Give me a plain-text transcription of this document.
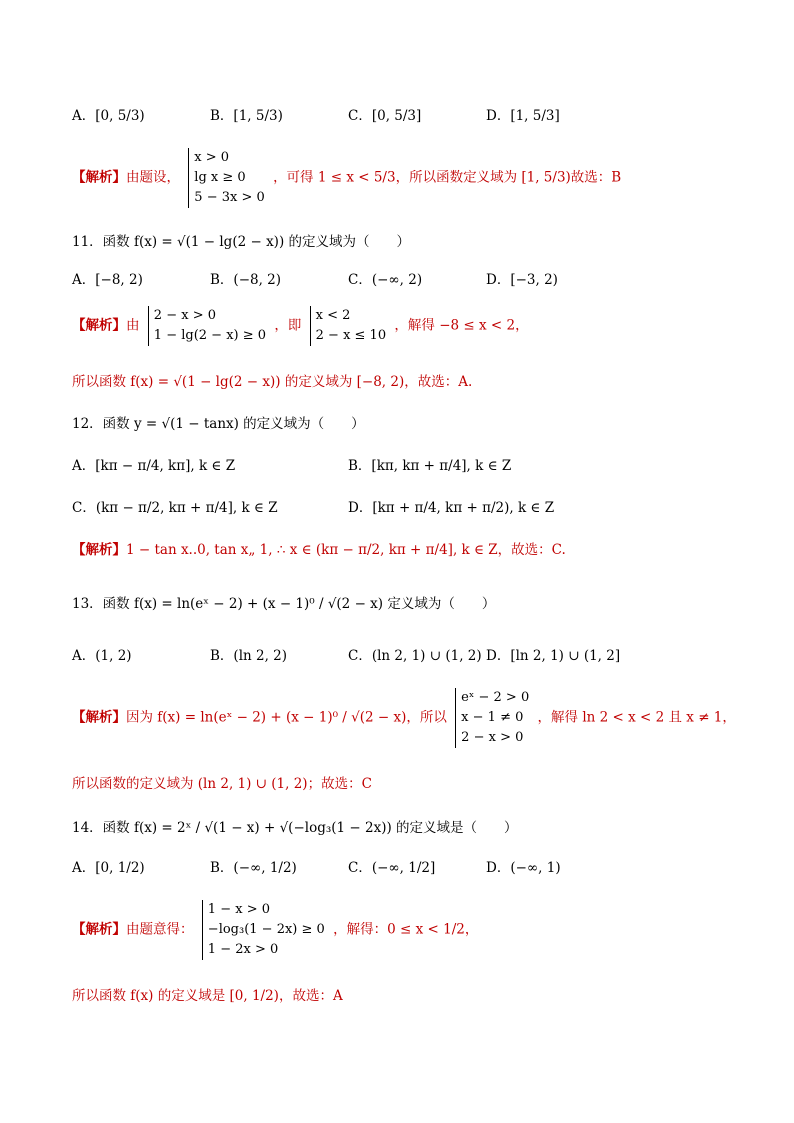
A．[0, 5/3)	B．[1, 5/3)	C．[0, 5/3]	D．[1, 5/3]
【解析】由题设，
x > 0
lg x ≥ 0
5 − 3x > 0
，可得 1 ≤ x < 5/3，所以函数定义域为 [1, 5/3)故选：B
11．函数 f(x) = √(1 − lg(2 − x)) 的定义域为（　　）
A．[−8, 2)	B．(−8, 2)	C．(−∞, 2)	D．[−3, 2)
【解析】由
2 − x > 0
1 − lg(2 − x) ≥ 0
，即
x < 2
2 − x ≤ 10
，解得 −8 ≤ x < 2，
所以函数 f(x) = √(1 − lg(2 − x)) 的定义域为 [−8, 2)，故选：A.
12．函数 y = √(1 − tanx) 的定义域为（　　）
A．[kπ − π/4, kπ], k ∈ Z	B．[kπ, kπ + π/4], k ∈ Z
C．(kπ − π/2, kπ + π/4], k ∈ Z	D．[kπ + π/4, kπ + π/2), k ∈ Z
【解析】1 − tan x..0, tan x„ 1, ∴ x ∈ (kπ − π/2, kπ + π/4], k ∈ Z，故选：C.
13．函数 f(x) = ln(eˣ − 2) + (x − 1)⁰ / √(2 − x) 定义域为（　　）
A．(1, 2)	B．(ln 2, 2)	C．(ln 2, 1) ∪ (1, 2) D．[ln 2, 1) ∪ (1, 2]
【解析】因为 f(x) = ln(eˣ − 2) + (x − 1)⁰ / √(2 − x)，所以
eˣ − 2 > 0
x − 1 ≠ 0
2 − x > 0
，解得 ln 2 < x < 2 且 x ≠ 1，
所以函数的定义域为 (ln 2, 1) ∪ (1, 2)；故选：C
14．函数 f(x) = 2ˣ / √(1 − x) + √(−log₃(1 − 2x)) 的定义域是（　　）
A．[0, 1/2)	B．(−∞, 1/2)	C．(−∞, 1/2]	D．(−∞, 1)
【解析】由题意得：
1 − x > 0
−log₃(1 − 2x) ≥ 0
1 − 2x > 0
，解得：0 ≤ x < 1/2，
所以函数 f(x) 的定义域是 [0, 1/2)，故选：A
